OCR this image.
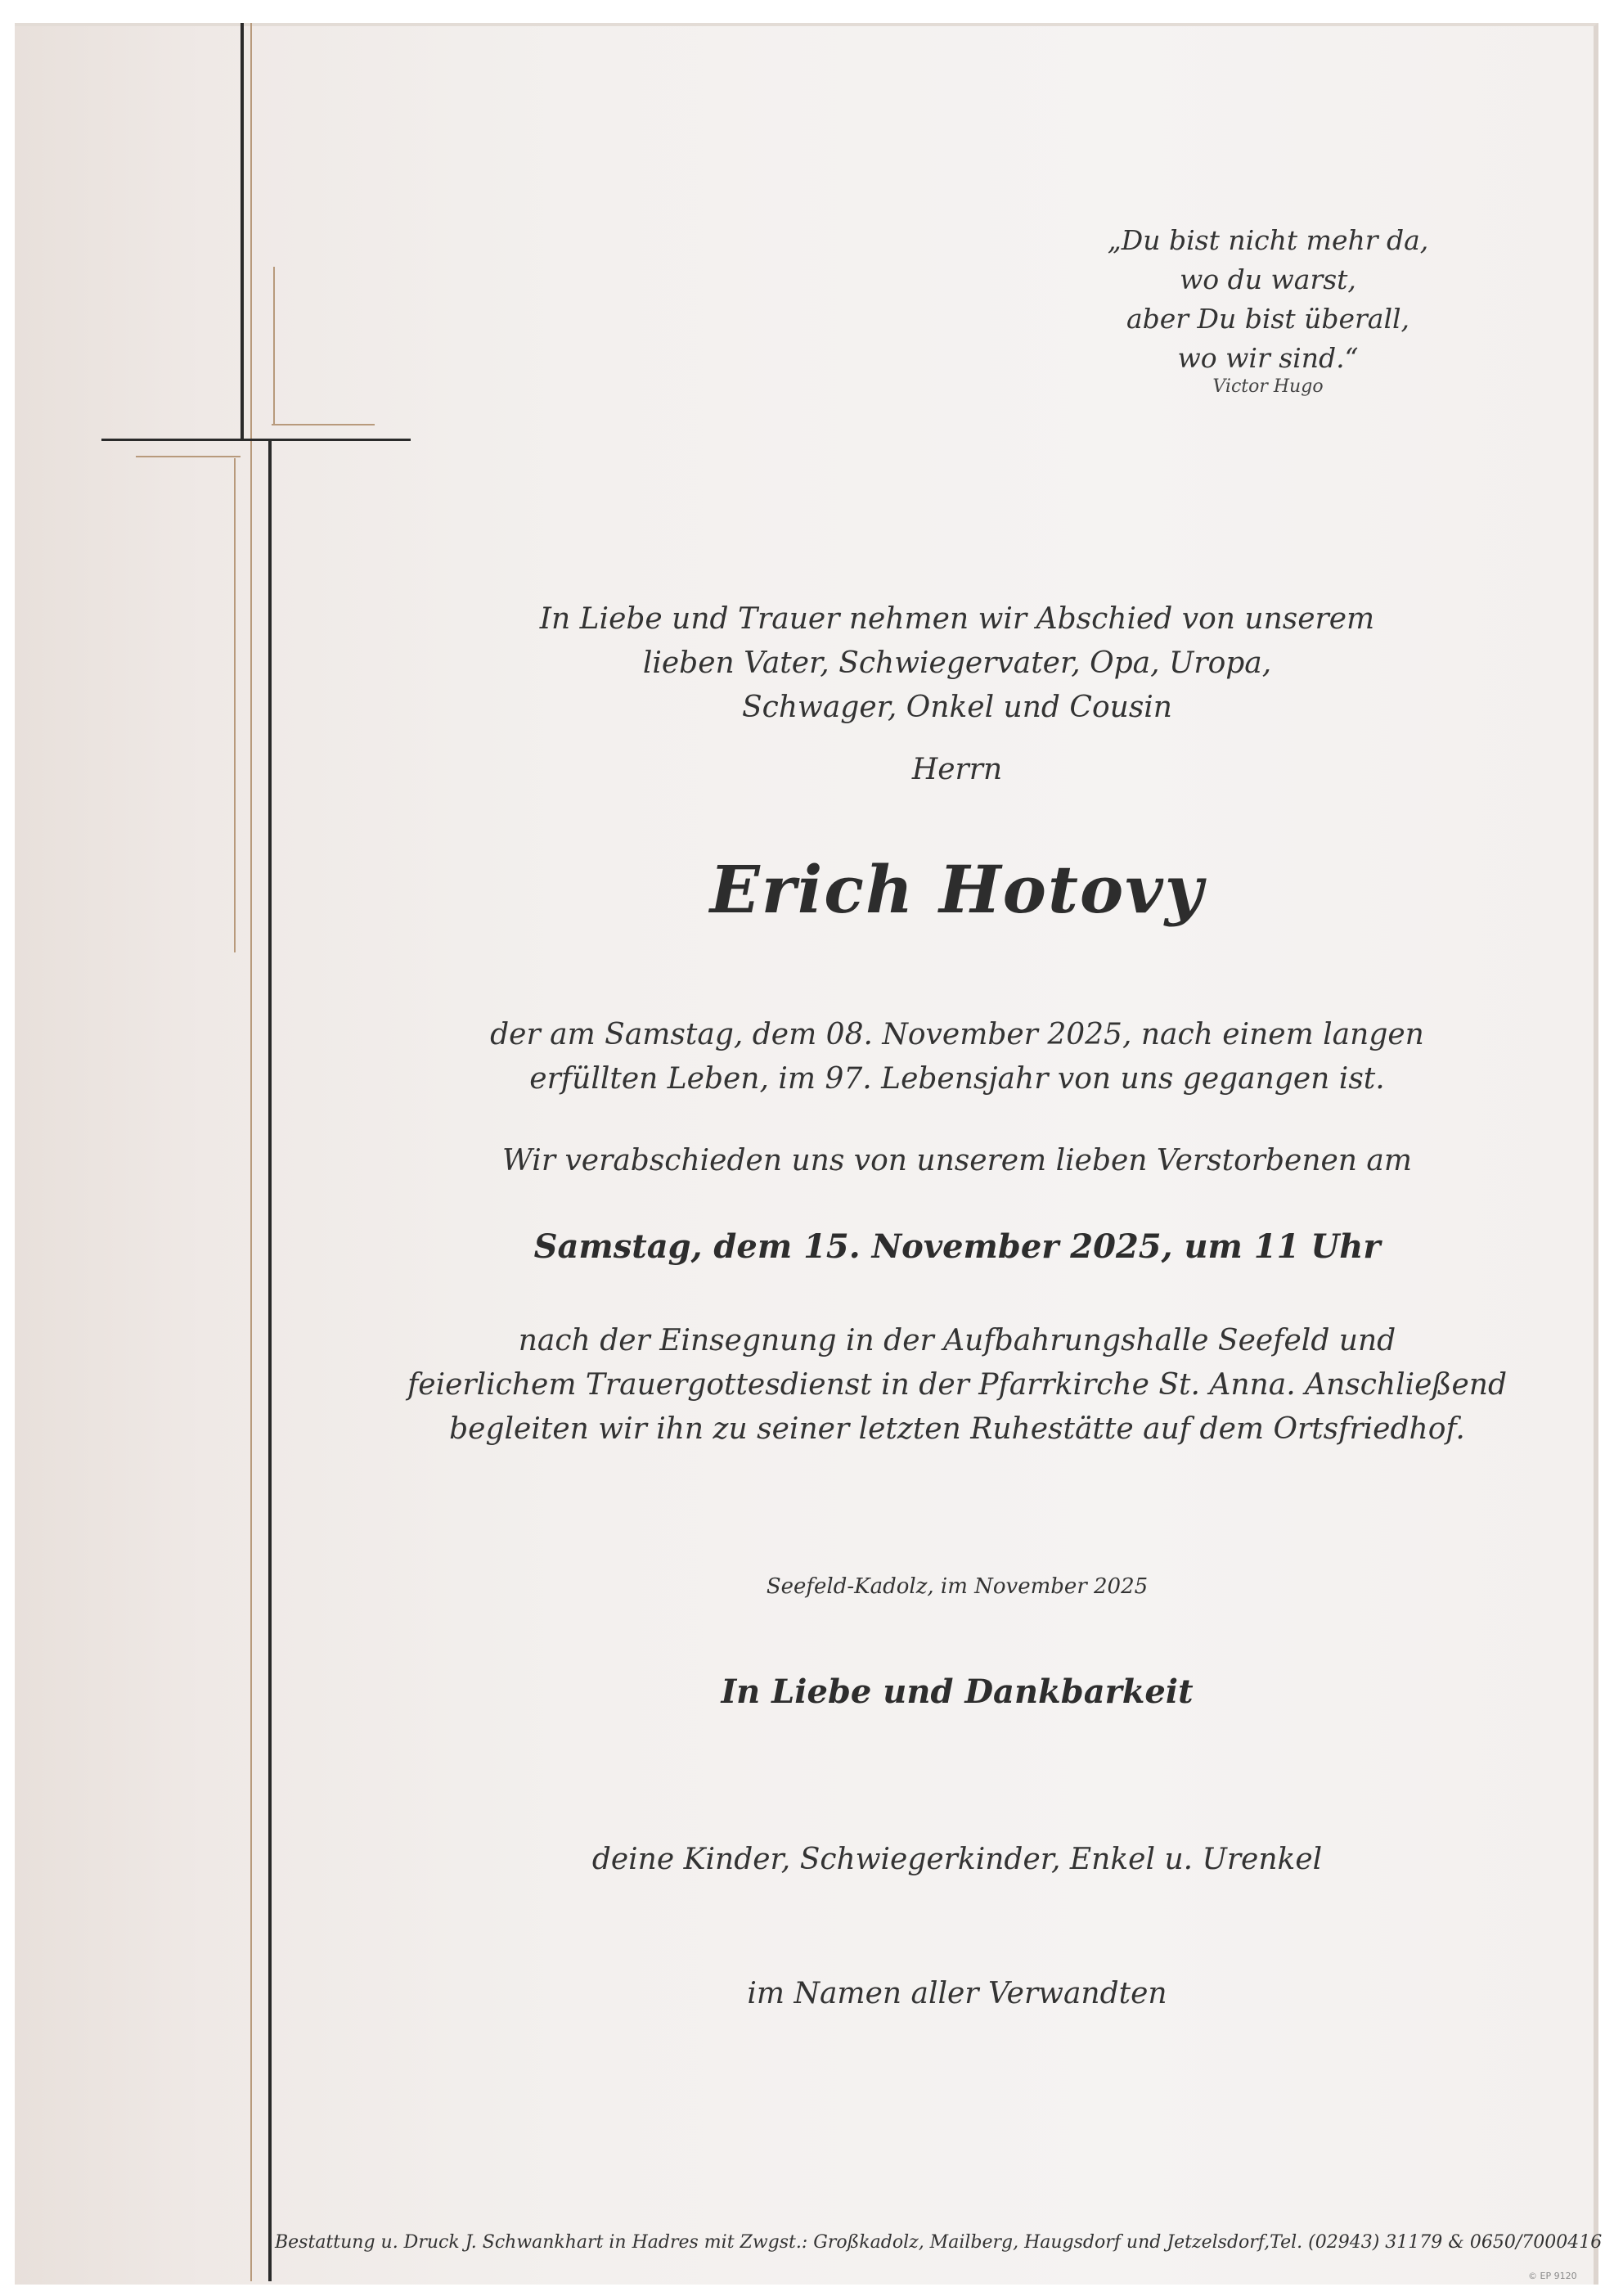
„Du bist nicht mehr da,
wo du warst,
aber Du bist überall,
wo wir sind.“
Victor Hugo
In Liebe und Trauer nehmen wir Abschied von unserem
lieben Vater, Schwiegervater, Opa, Uropa,
Schwager, Onkel und Cousin
Herrn
Erich Hotovy
der am Samstag, dem 08. November 2025, nach einem langen
erfüllten Leben, im 97. Lebensjahr von uns gegangen ist.
Wir verabschieden uns von unserem lieben Verstorbenen am
Samstag, dem 15. November 2025, um 11 Uhr
nach der Einsegnung in der Aufbahrungshalle Seefeld und
feierlichem Trauergottesdienst in der Pfarrkirche St. Anna. Anschließend
begleiten wir ihn zu seiner letzten Ruhestätte auf dem Ortsfriedhof.
Seefeld-Kadolz, im November 2025
In Liebe und Dankbarkeit
deine Kinder, Schwiegerkinder, Enkel u. Urenkel
im Namen aller Verwandten
Bestattung u. Druck J. Schwankhart in Hadres mit Zwgst.: Großkadolz, Mailberg, Haugsdorf und Jetzelsdorf,Tel. (02943) 31179 & 0650/7000416
© EP 9120
